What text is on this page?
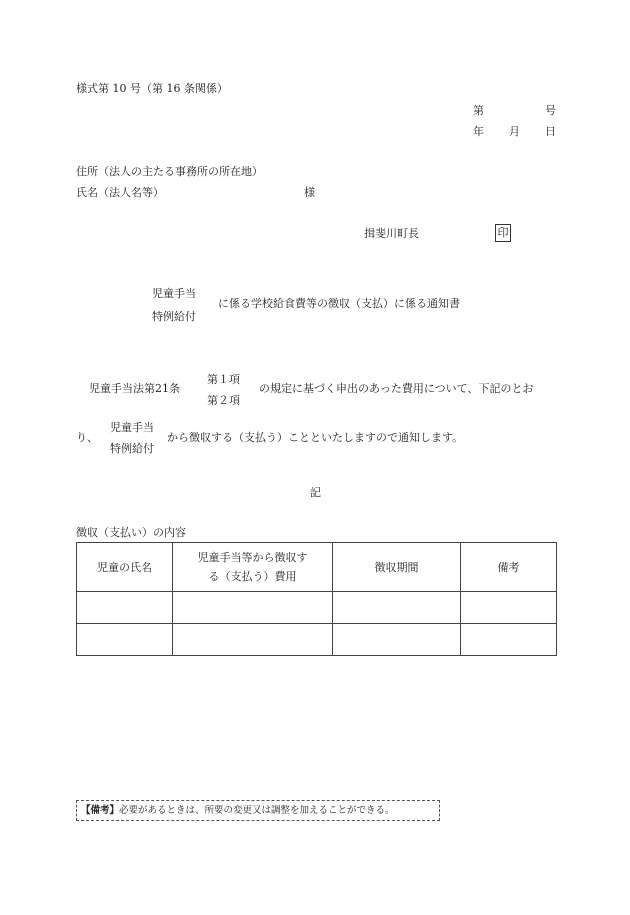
様式第 10 号（第 16 条関係）
第	号
年 月 日
住所（法人の主たる事務所の所在地）
氏名（法人名等）	様
揖斐川町長	印
児童手当
特例給付
に係る学校給食費等の徴収（支払）に係る通知書
児童手当法第21条
第１項
第２項
の規定に基づく申出のあった費用について、下記のとお
り、
児童手当
特例給付
から徴収する（支払う）ことといたしますので通知します。
記
徴収（支払い）の内容
児童の氏名	児童手当等から徴収する（支払う）費用	徴収期間	備考

【備考】必要があるときは、所要の変更又は調整を加えることができる。
